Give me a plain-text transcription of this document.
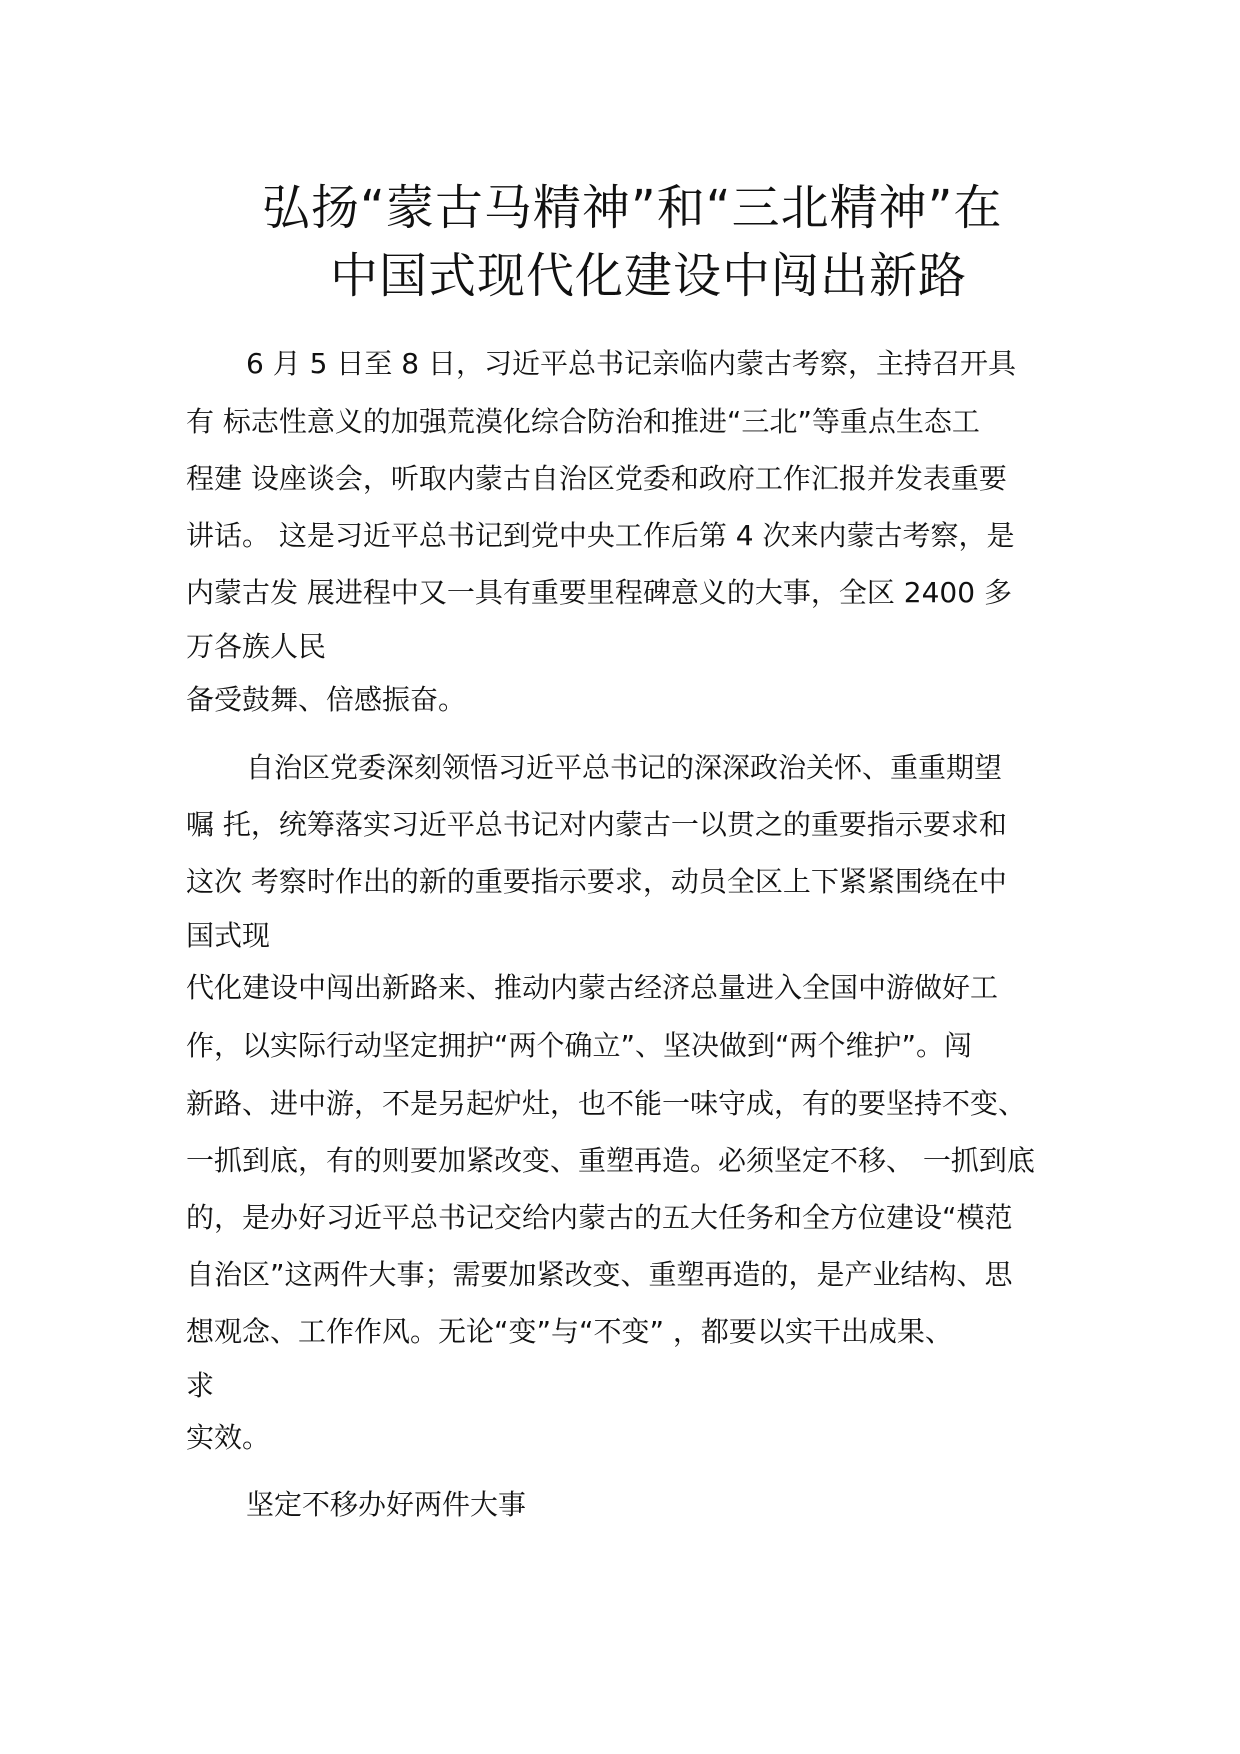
弘扬“蒙古马精神”和“三北精神”在
中国式现代化建设中闯出新路
6 月 5 日至 8 日，习近平总书记亲临内蒙古考察，主持召开具
有 标志性意义的加强荒漠化综合防治和推进“三北”等重点生态工
程建 设座谈会，听取内蒙古自治区党委和政府工作汇报并发表重要
讲话。 这是习近平总书记到党中央工作后第 4 次来内蒙古考察，是
内蒙古发 展进程中又一具有重要里程碑意义的大事，全区 2400 多
万各族人民
备受鼓舞、倍感振奋。
自治区党委深刻领悟习近平总书记的深深政治关怀、重重期望
嘱 托，统筹落实习近平总书记对内蒙古一以贯之的重要指示要求和
这次 考察时作出的新的重要指示要求，动员全区上下紧紧围绕在中
国式现
代化建设中闯出新路来、推动内蒙古经济总量进入全国中游做好工
作，以实际行动坚定拥护“两个确立”、坚决做到“两个维护”。闯
新路、进中游，不是另起炉灶，也不能一味守成，有的要坚持不变、
一抓到底，有的则要加紧改变、重塑再造。必须坚定不移、 一抓到底
的，是办好习近平总书记交给内蒙古的五大任务和全方位建设“模范
自治区”这两件大事；需要加紧改变、重塑再造的，是产业结构、思
想观念、工作作风。无论“变”与“不变” ，都要以实干出成果、
求
实效。
坚定不移办好两件大事
